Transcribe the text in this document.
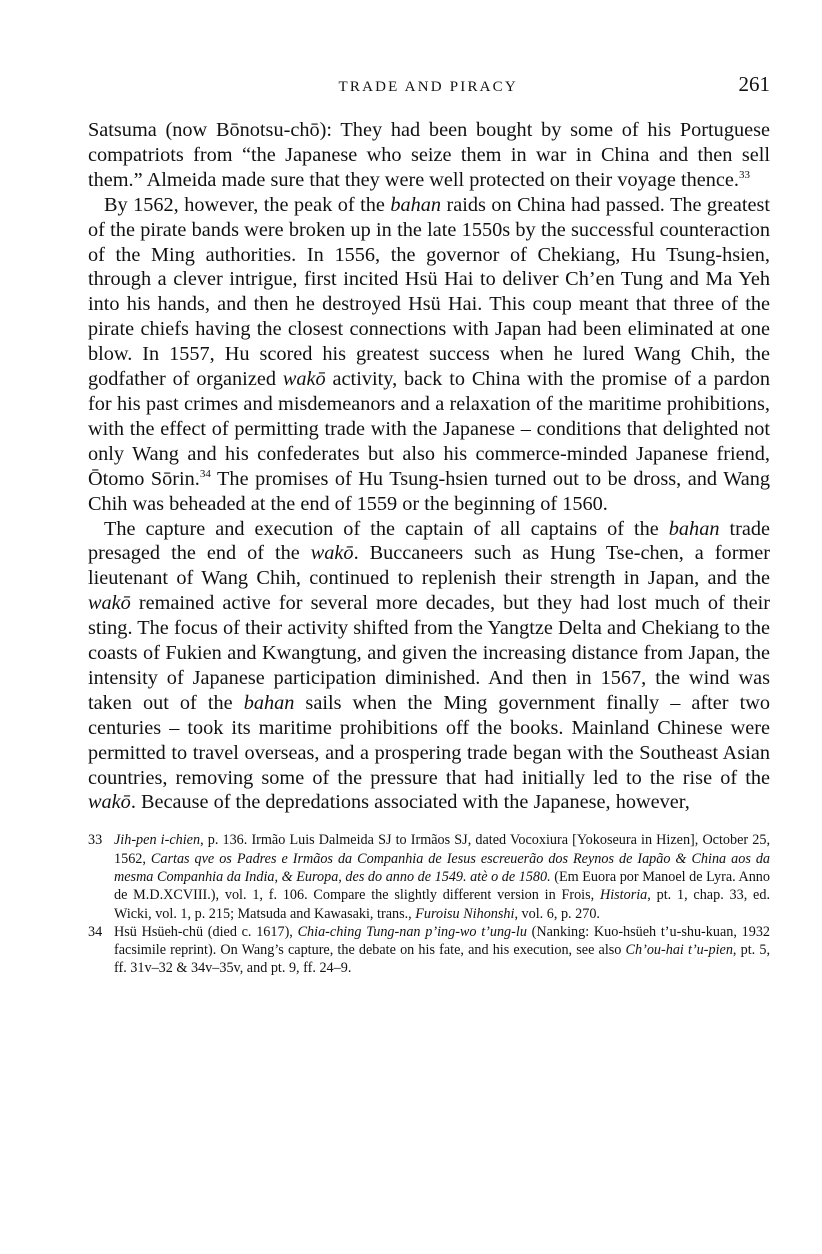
TRADE AND PIRACY	261

Satsuma (now Bōnotsu-chō): They had been bought by some of his Portuguese compatriots from “the Japanese who seize them in war in China and then sell them.” Almeida made sure that they were well protected on their voyage thence.$^{33}$

By 1562, however, the peak of the bahan raids on China had passed. The greatest of the pirate bands were broken up in the late 1550s by the successful counteraction of the Ming authorities. In 1556, the governor of Chekiang, Hu Tsung-hsien, through a clever intrigue, first incited Hsü Hai to deliver Ch’en Tung and Ma Yeh into his hands, and then he destroyed Hsü Hai. This coup meant that three of the pirate chiefs having the closest connections with Japan had been eliminated at one blow. In 1557, Hu scored his greatest success when he lured Wang Chih, the godfather of organized wakō activity, back to China with the promise of a pardon for his past crimes and misdemeanors and a relaxation of the maritime prohibitions, with the effect of permitting trade with the Japanese – conditions that delighted not only Wang and his confederates but also his commerce-minded Japanese friend, Ōtomo Sōrin.$^{34}$ The promises of Hu Tsung-hsien turned out to be dross, and Wang Chih was beheaded at the end of 1559 or the beginning of 1560.

The capture and execution of the captain of all captains of the bahan trade presaged the end of the wakō. Buccaneers such as Hung Tse-chen, a former lieutenant of Wang Chih, continued to replenish their strength in Japan, and the wakō remained active for several more decades, but they had lost much of their sting. The focus of their activity shifted from the Yangtze Delta and Chekiang to the coasts of Fukien and Kwangtung, and given the increasing distance from Japan, the intensity of Japanese participation diminished. And then in 1567, the wind was taken out of the bahan sails when the Ming government finally – after two centuries – took its maritime prohibitions off the books. Mainland Chinese were permitted to travel overseas, and a prospering trade began with the Southeast Asian countries, removing some of the pressure that had initially led to the rise of the wakō. Because of the depredations associated with the Japanese, however,

33 Jih-pen i-chien, p. 136. Irmão Luis Dalmeida SJ to Irmãos SJ, dated Vocoxiura [Yokoseura in Hizen], October 25, 1562, Cartas qve os Padres e Irmãos da Companhia de Iesus escreuerão dos Reynos de Iapão & China aos da mesma Companhia da India, & Europa, des do anno de 1549. atè o de 1580. (Em Euora por Manoel de Lyra. Anno de M.D.XCVIII.), vol. 1, f. 106. Compare the slightly different version in Frois, Historia, pt. 1, chap. 33, ed. Wicki, vol. 1, p. 215; Matsuda and Kawasaki, trans., Furoisu Nihonshi, vol. 6, p. 270.
34 Hsü Hsüeh-chü (died c. 1617), Chia-ching Tung-nan p’ing-wo t’ung-lu (Nanking: Kuo-hsüeh t’u-shu-kuan, 1932 facsimile reprint). On Wang’s capture, the debate on his fate, and his execution, see also Ch’ou-hai t’u-pien, pt. 5, ff. 31v–32 & 34v–35v, and pt. 9, ff. 24–9.
